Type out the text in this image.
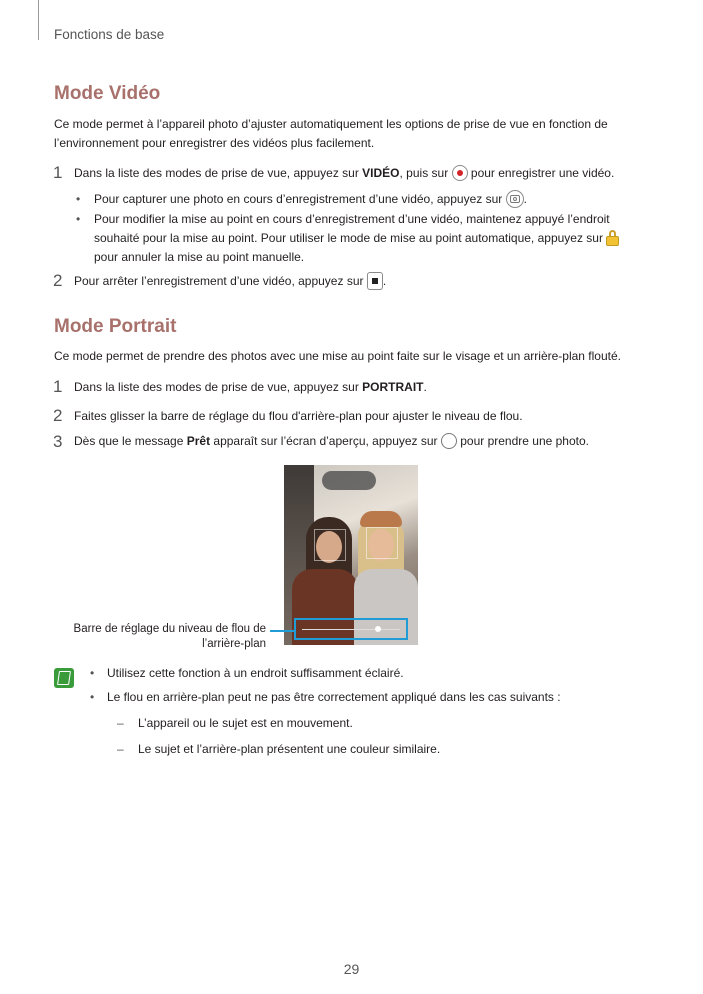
Fonctions de base
Mode Vidéo
Ce mode permet à l’appareil photo d’ajuster automatiquement les options de prise de vue en fonction de l’environnement pour enregistrer des vidéos plus facilement.
1 Dans la liste des modes de prise de vue, appuyez sur VIDÉO, puis sur  pour enregistrer une vidéo.
• Pour capturer une photo en cours d’enregistrement d’une vidéo, appuyez sur .
• Pour modifier la mise au point en cours d’enregistrement d’une vidéo, maintenez appuyé l’endroit souhaité pour la mise au point. Pour utiliser le mode de mise au point automatique, appuyez sur  pour annuler la mise au point manuelle.
2 Pour arrêter l’enregistrement d’une vidéo, appuyez sur .
Mode Portrait
Ce mode permet de prendre des photos avec une mise au point faite sur le visage et un arrière-plan flouté.
1 Dans la liste des modes de prise de vue, appuyez sur PORTRAIT.
2 Faites glisser la barre de réglage du flou d'arrière-plan pour ajuster le niveau de flou.
3 Dès que le message Prêt apparaît sur l’écran d’aperçu, appuyez sur  pour prendre une photo.
Barre de réglage du niveau de flou de l’arrière-plan
• Utilisez cette fonction à un endroit suffisamment éclairé.
• Le flou en arrière-plan peut ne pas être correctement appliqué dans les cas suivants :
– L’appareil ou le sujet est en mouvement.
– Le sujet et l’arrière-plan présentent une couleur similaire.
29
